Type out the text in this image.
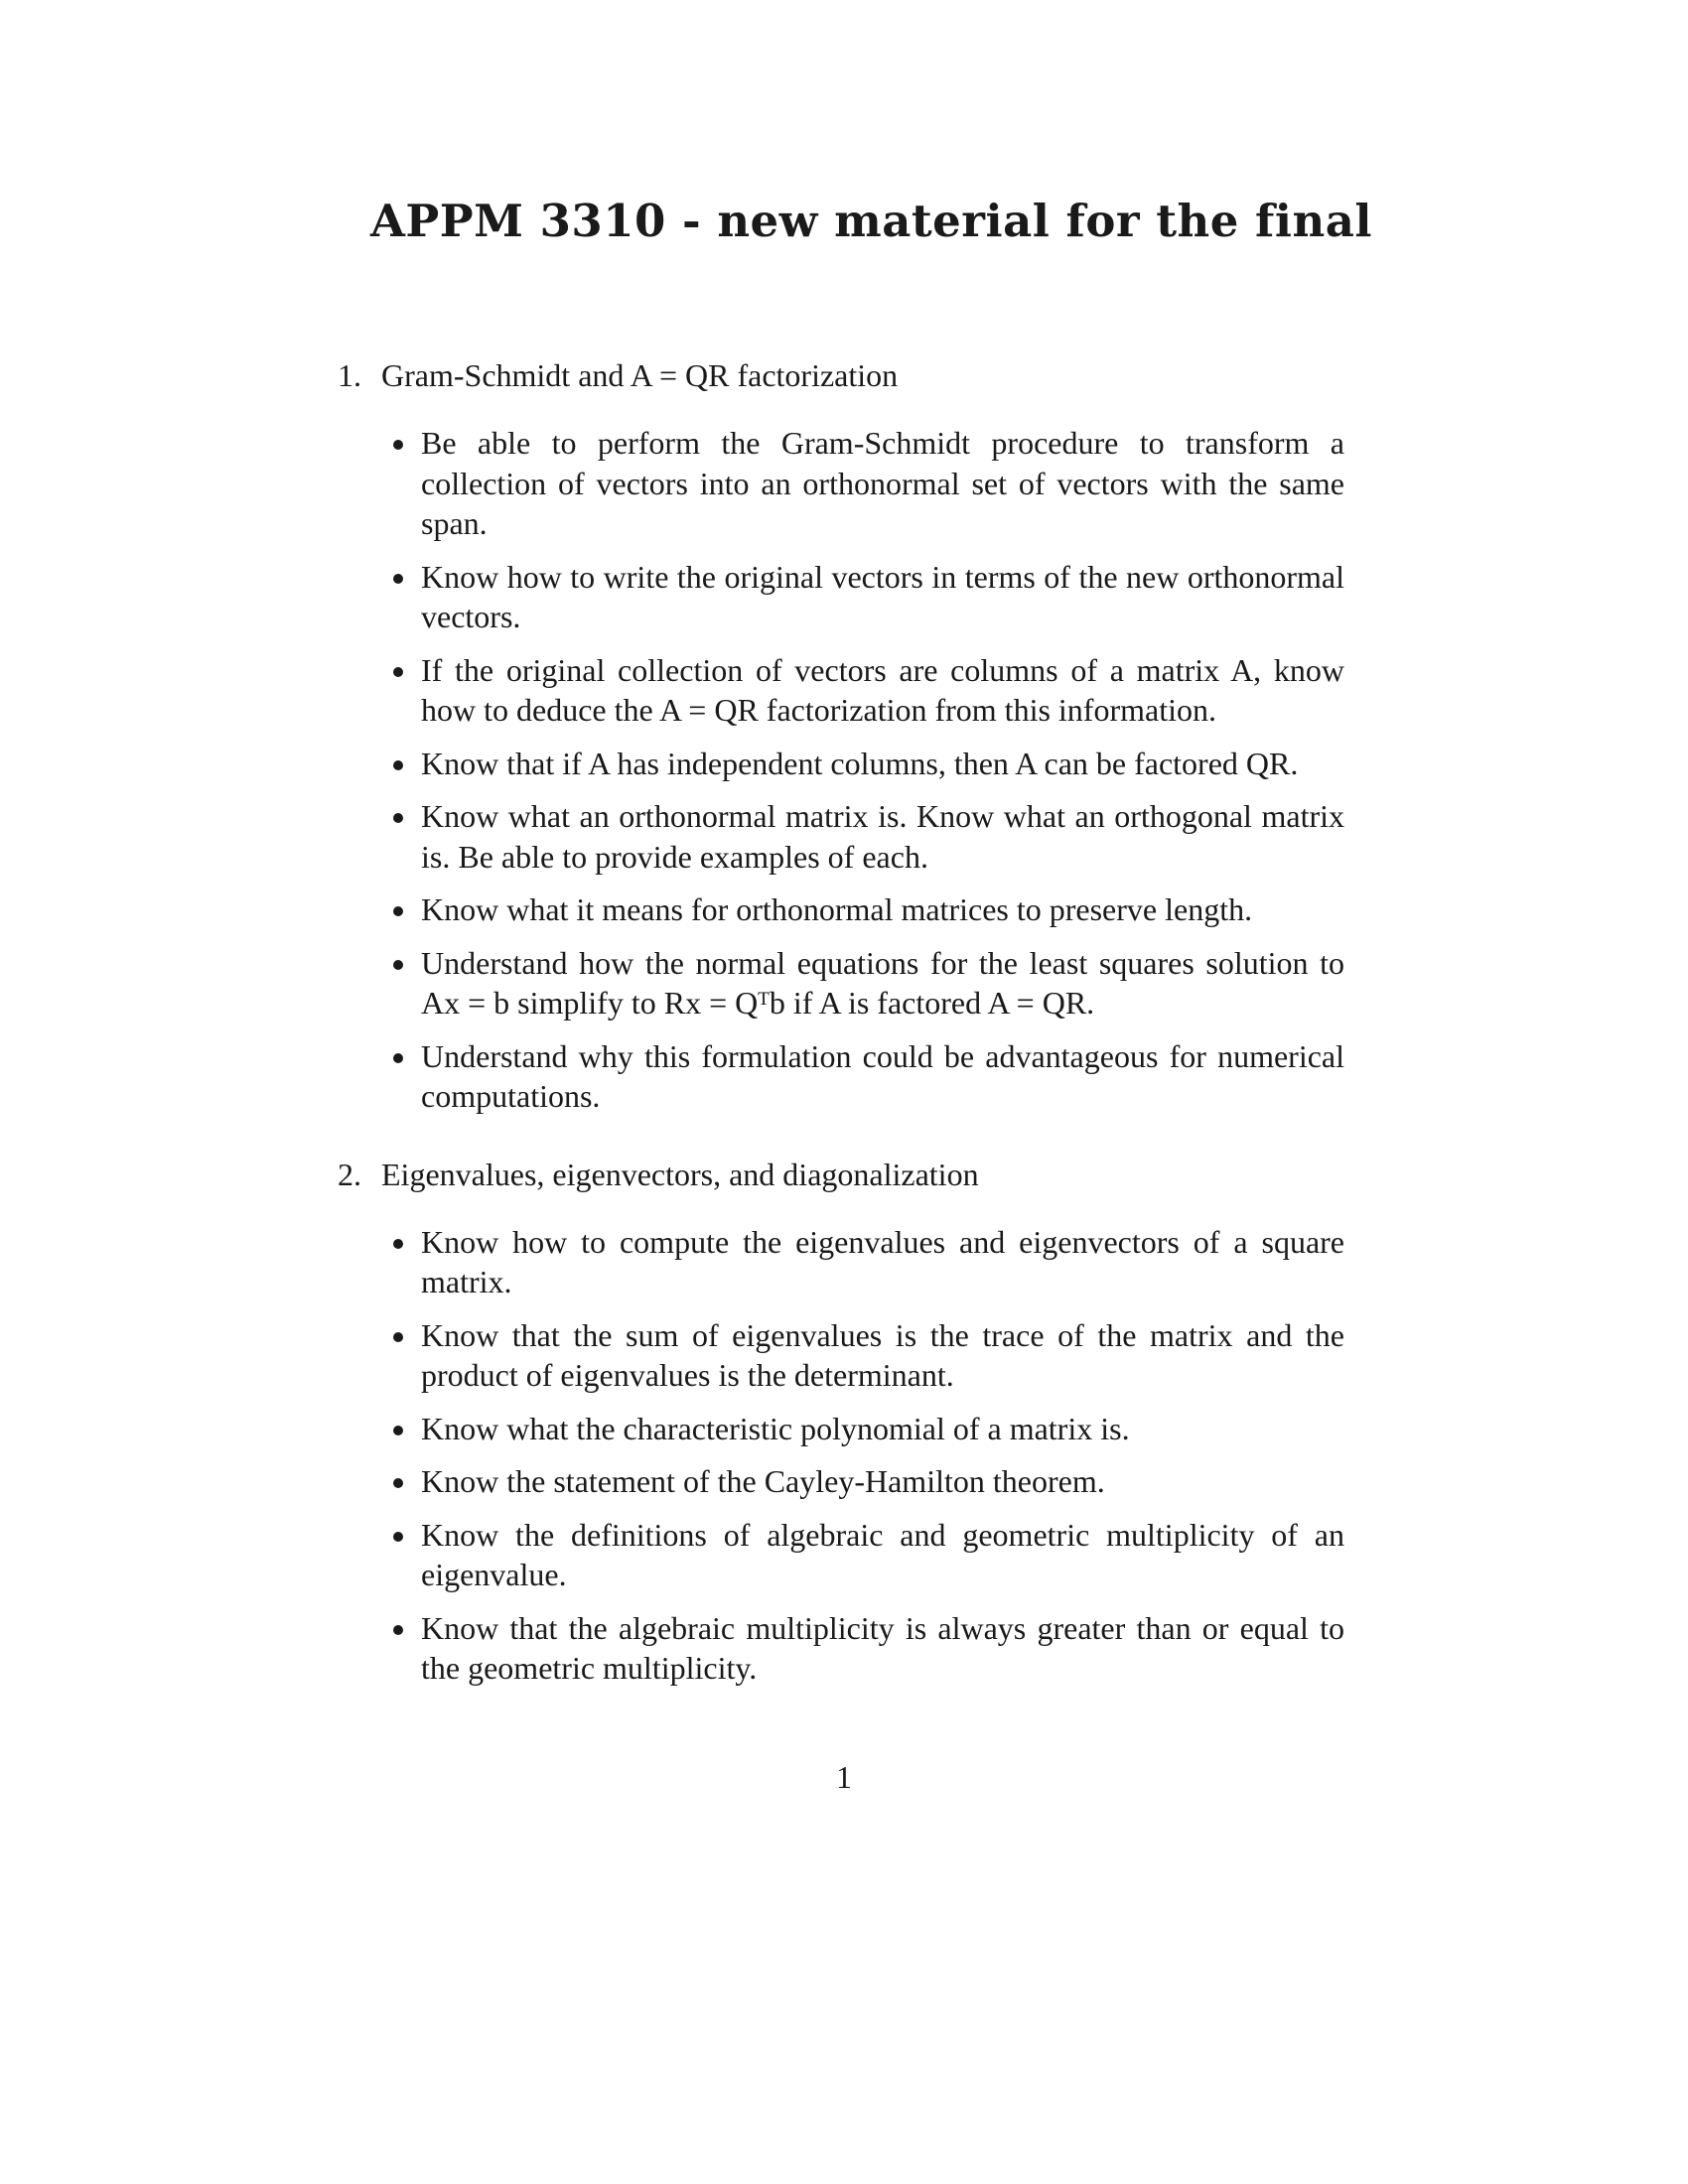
APPM 3310 - new material for the final
1. Gram-Schmidt and A = QR factorization
Be able to perform the Gram-Schmidt procedure to transform a collection of vectors into an orthonormal set of vectors with the same span.
Know how to write the original vectors in terms of the new orthonormal vectors.
If the original collection of vectors are columns of a matrix A, know how to deduce the A = QR factorization from this information.
Know that if A has independent columns, then A can be factored QR.
Know what an orthonormal matrix is. Know what an orthogonal matrix is. Be able to provide examples of each.
Know what it means for orthonormal matrices to preserve length.
Understand how the normal equations for the least squares solution to Ax = b simplify to Rx = Qᵀb if A is factored A = QR.
Understand why this formulation could be advantageous for numerical computations.
2. Eigenvalues, eigenvectors, and diagonalization
Know how to compute the eigenvalues and eigenvectors of a square matrix.
Know that the sum of eigenvalues is the trace of the matrix and the product of eigenvalues is the determinant.
Know what the characteristic polynomial of a matrix is.
Know the statement of the Cayley-Hamilton theorem.
Know the definitions of algebraic and geometric multiplicity of an eigenvalue.
Know that the algebraic multiplicity is always greater than or equal to the geometric multiplicity.
1
